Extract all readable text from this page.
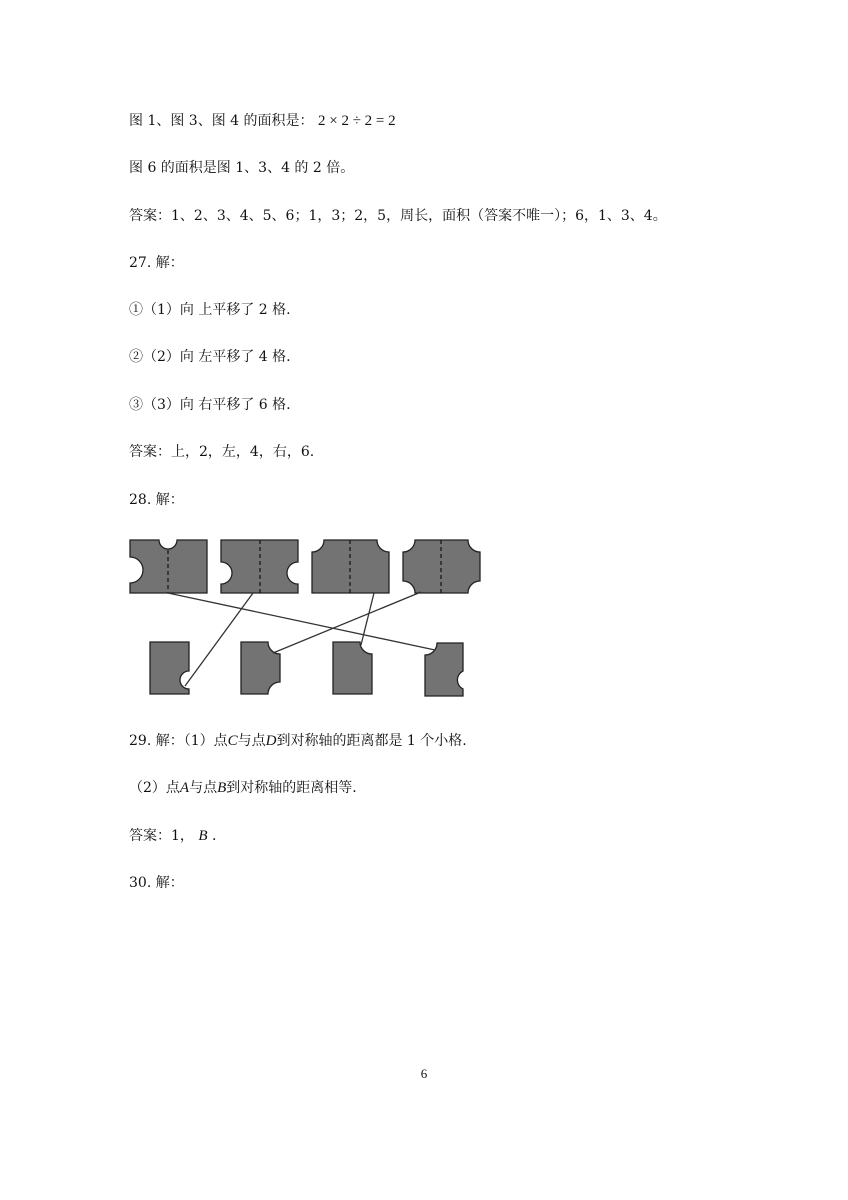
图 1、图 3、图 4 的面积是： 2 × 2 ÷ 2 = 2
图 6 的面积是图 1、3、4 的 2 倍。
答案：1、2、3、4、5、6；1，3；2，5，周长，面积（答案不唯一）；6，1、3、4。
27. 解：
①（1）向 上平移了 2 格.
②（2）向 左平移了 4 格.
③（3）向 右平移了 6 格.
答案：上，2，左，4，右，6.
28. 解：
29. 解：（1）点C与点D到对称轴的距离都是 1 个小格.
（2）点A与点B到对称轴的距离相等.
答案：1， B .
30. 解：
6
